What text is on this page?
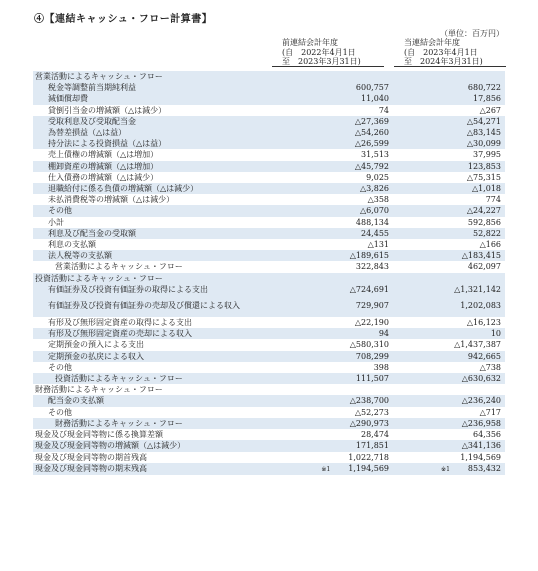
④【連結キャッシュ・フロー計算書】
（単位：百万円）
前連結会計年度
(自　2022年4月1日
至　2023年3月31日)
当連結会計年度
(自　2023年4月1日
至　2024年3月31日)
営業活動によるキャッシュ・フロー		
税金等調整前当期純利益	600,757	680,722
減価償却費	11,040	17,856
貸倒引当金の増減額（△は減少）	74	△267
受取利息及び受取配当金	△27,369	△54,271
為替差損益（△は益）	△54,260	△83,145
持分法による投資損益（△は益）	△26,599	△30,099
売上債権の増減額（△は増加）	31,513	37,995
棚卸資産の増減額（△は増加）	△45,792	123,853
仕入債務の増減額（△は減少）	9,025	△75,315
退職給付に係る負債の増減額（△は減少）	△3,826	△1,018
未払消費税等の増減額（△は減少）	△358	774
その他	△6,070	△24,227
小計	488,134	592,856
利息及び配当金の受取額	24,455	52,822
利息の支払額	△131	△166
法人税等の支払額	△189,615	△183,415
営業活動によるキャッシュ・フロー	322,843	462,097
投資活動によるキャッシュ・フロー		
有価証券及び投資有価証券の取得による支出	△724,691	△1,321,142
有価証券及び投資有価証券の売却及び償還による収入	729,907	1,202,083
有形及び無形固定資産の取得による支出	△22,190	△16,123
有形及び無形固定資産の売却による収入	94	10
定期預金の預入による支出	△580,310	△1,437,387
定期預金の払戻による収入	708,299	942,665
その他	398	△738
投資活動によるキャッシュ・フロー	111,507	△630,632
財務活動によるキャッシュ・フロー		
配当金の支払額	△238,700	△236,240
その他	△52,273	△717
財務活動によるキャッシュ・フロー	△290,973	△236,958
現金及び現金同等物に係る換算差額	28,474	64,356
現金及び現金同等物の増減額（△は減少）	171,851	△341,136
現金及び現金同等物の期首残高	1,022,718	1,194,569
現金及び現金同等物の期末残高	※1 1,194,569	※1 853,432
